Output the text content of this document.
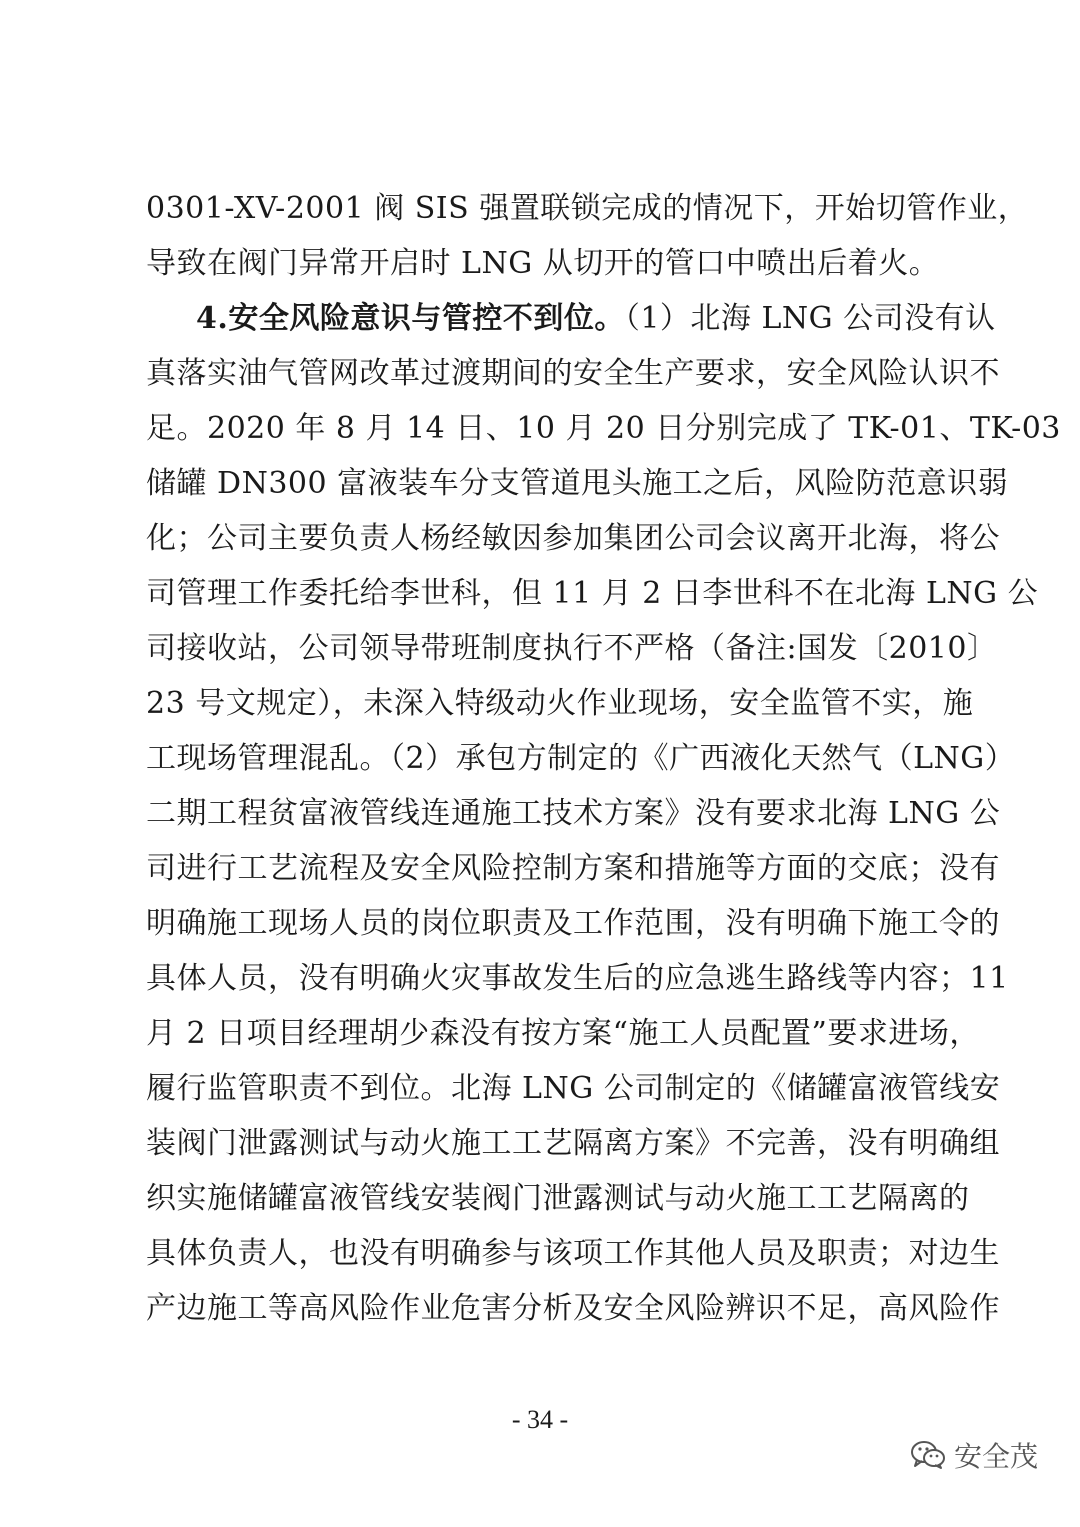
0301-XV-2001 阀 SIS 强置联锁完成的情况下，开始切管作业，
导致在阀门异常开启时 LNG 从切开的管口中喷出后着火。
4.安全风险意识与管控不到位。（1）北海 LNG 公司没有认
真落实油气管网改革过渡期间的安全生产要求，安全风险认识不
足。2020 年 8 月 14 日、10 月 20 日分别完成了 TK-01、TK-03
储罐 DN300 富液装车分支管道甩头施工之后，风险防范意识弱
化；公司主要负责人杨经敏因参加集团公司会议离开北海，将公
司管理工作委托给李世科，但 11 月 2 日李世科不在北海 LNG 公
司接收站，公司领导带班制度执行不严格（备注:国发〔2010〕
23 号文规定），未深入特级动火作业现场，安全监管不实，施
工现场管理混乱。（2）承包方制定的《广西液化天然气（LNG）
二期工程贫富液管线连通施工技术方案》没有要求北海 LNG 公
司进行工艺流程及安全风险控制方案和措施等方面的交底；没有
明确施工现场人员的岗位职责及工作范围，没有明确下施工令的
具体人员，没有明确火灾事故发生后的应急逃生路线等内容；11
月 2 日项目经理胡少森没有按方案“施工人员配置”要求进场，
履行监管职责不到位。北海 LNG 公司制定的《储罐富液管线安
装阀门泄露测试与动火施工工艺隔离方案》不完善，没有明确组
织实施储罐富液管线安装阀门泄露测试与动火施工工艺隔离的
具体负责人，也没有明确参与该项工作其他人员及职责；对边生
产边施工等高风险作业危害分析及安全风险辨识不足，高风险作
- 34 -
安全茂
